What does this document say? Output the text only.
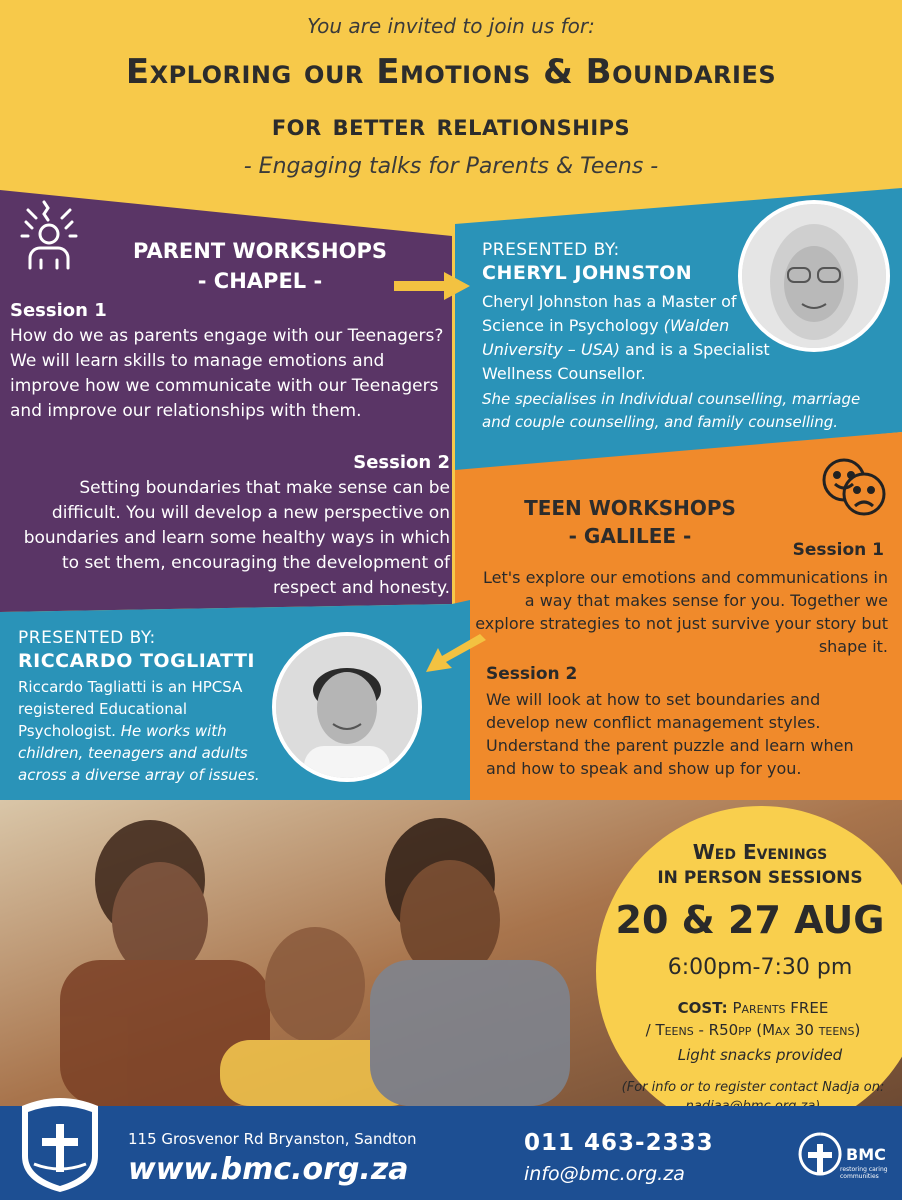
You are invited to join us for:
Exploring our Emotions & Boundaries
for better relationships
- Engaging talks for Parents & Teens -
PARENT WORKSHOPS
- CHAPEL -
Session 1
How do we as parents engage with our Teenagers? We will learn skills to manage emotions and improve how we communicate with our Teenagers and improve our relationships with them.
Session 2
Setting boundaries that make sense can be difficult. You will develop a new perspective on boundaries and learn some healthy ways in which to set them, encouraging the development of respect and honesty.
PRESENTED BY:
CHERYL JOHNSTON
Cheryl Johnston has a Master of Science in Psychology (Walden University – USA) and is a Specialist Wellness Counsellor.
She specialises in Individual counselling, marriage and couple counselling, and family counselling.
TEEN WORKSHOPS
- GALILEE -
Session 1
Let's explore our emotions and communications in a way that makes sense for you. Together we explore strategies to not just survive your story but shape it.
Session 2
We will look at how to set boundaries and develop new conflict management styles. Understand the parent puzzle and learn when and how to speak and show up for you.
PRESENTED BY:
RICCARDO TOGLIATTI
Riccardo Tagliatti is an HPCSA registered Educational Psychologist. He works with children, teenagers and adults across a diverse array of issues.
Wed Evenings
IN PERSON SESSIONS
20 & 27 AUG
6:00pm-7:30 pm
COST: Parents FREE
/ Teens - R50pp (Max 30 teens)
Light snacks provided
(For info or to register contact Nadja on:
115 Grosvenor Rd Bryanston, Sandton
www.bmc.org.za
011 463-2333
info@bmc.org.za
BMC
restoring caring communities
